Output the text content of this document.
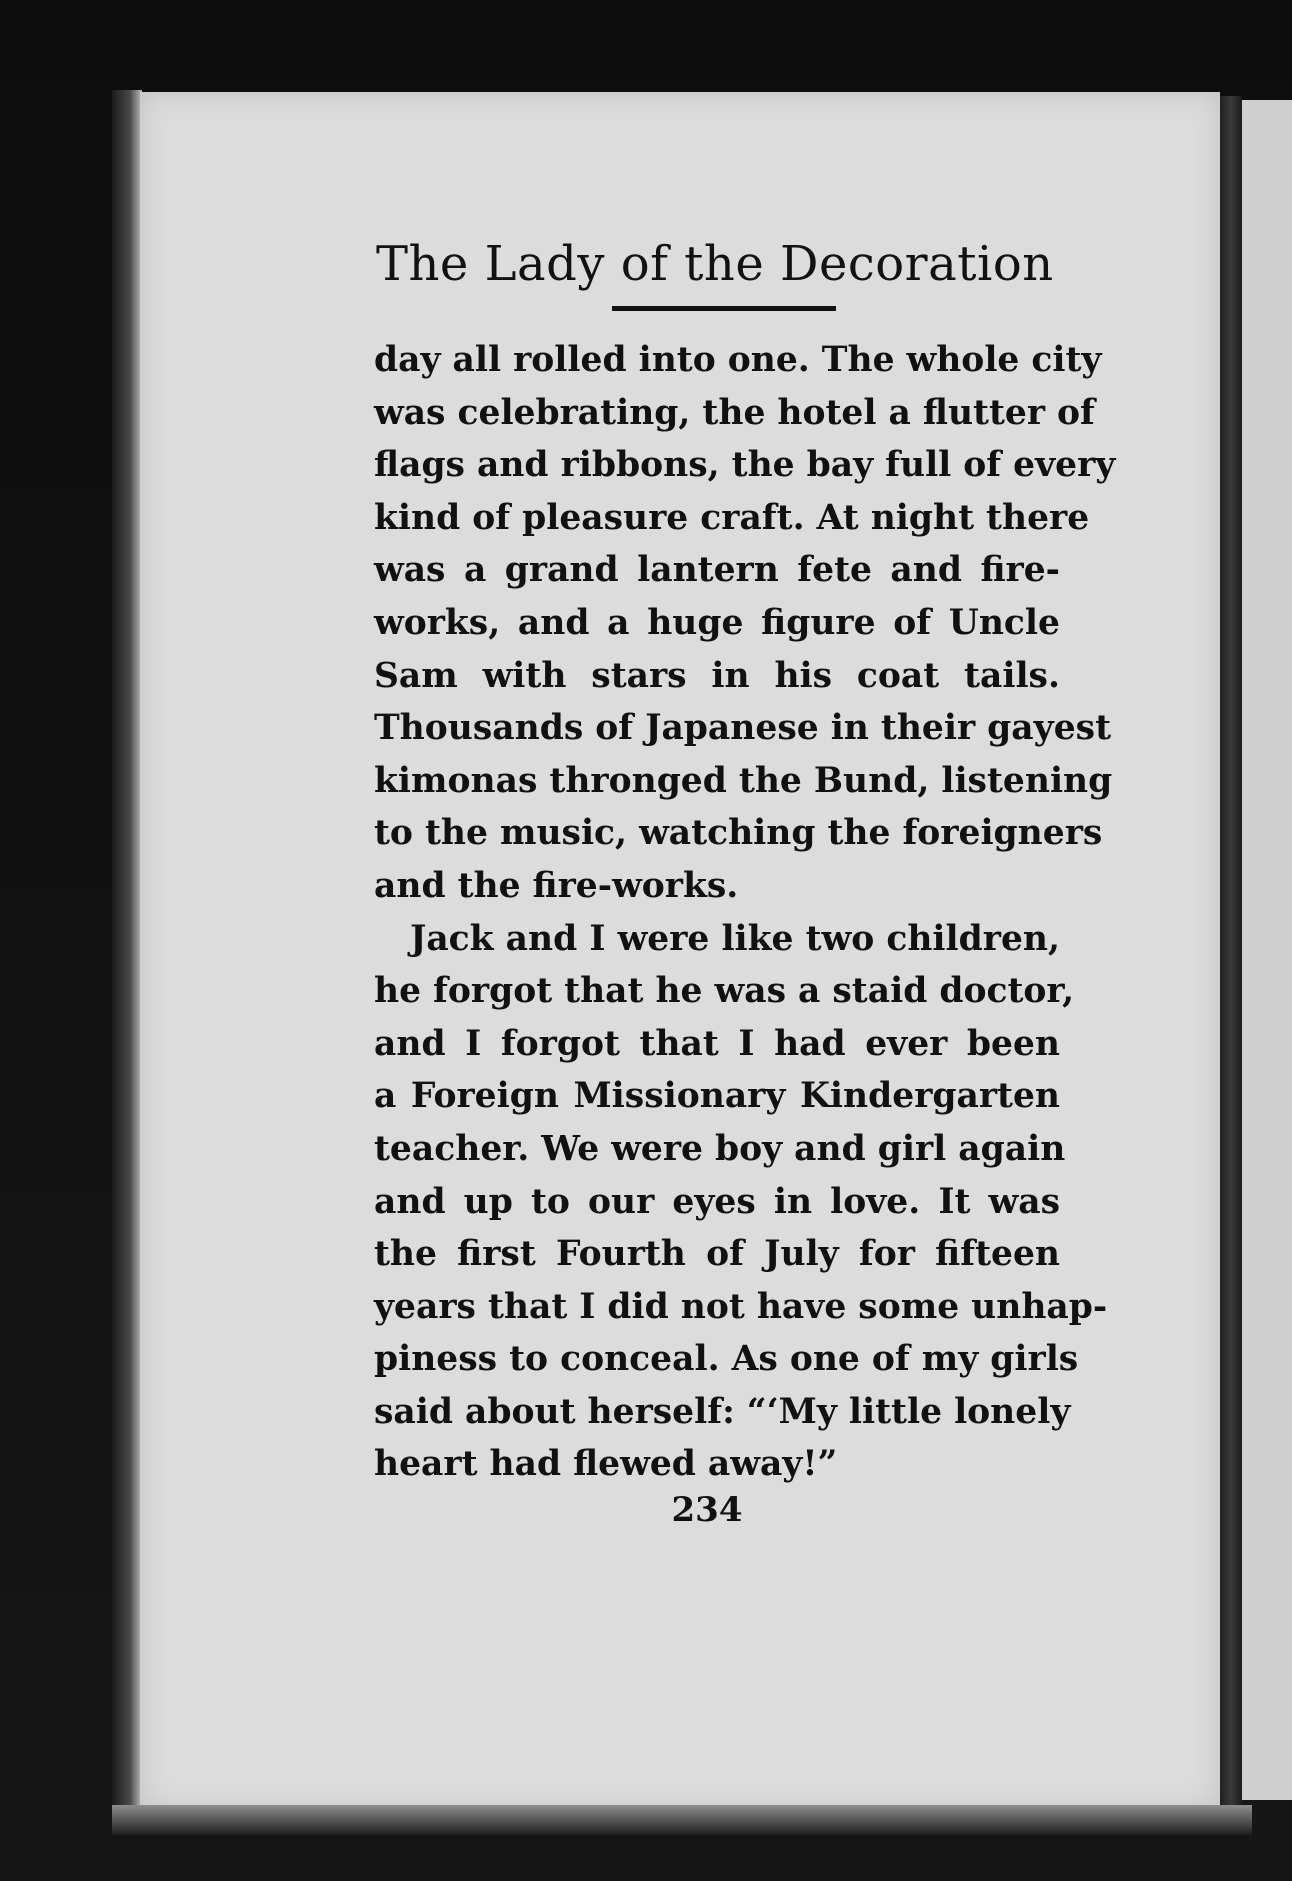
The Lady of the Decoration
day all rolled into one. The whole city
was celebrating, the hotel a flutter of
flags and ribbons, the bay full of every
kind of pleasure craft. At night there
was a grand lantern fete and fire-
works, and a huge figure of Uncle
Sam with stars in his coat tails.
Thousands of Japanese in their gayest
kimonas thronged the Bund, listening
to the music, watching the foreigners
and the fire-works.
Jack and I were like two children,
he forgot that he was a staid doctor,
and I forgot that I had ever been
a Foreign Missionary Kindergarten
teacher. We were boy and girl again
and up to our eyes in love. It was
the first Fourth of July for fifteen
years that I did not have some unhap-
piness to conceal. As one of my girls
said about herself: “‘My little lonely
heart had flewed away!”
234
